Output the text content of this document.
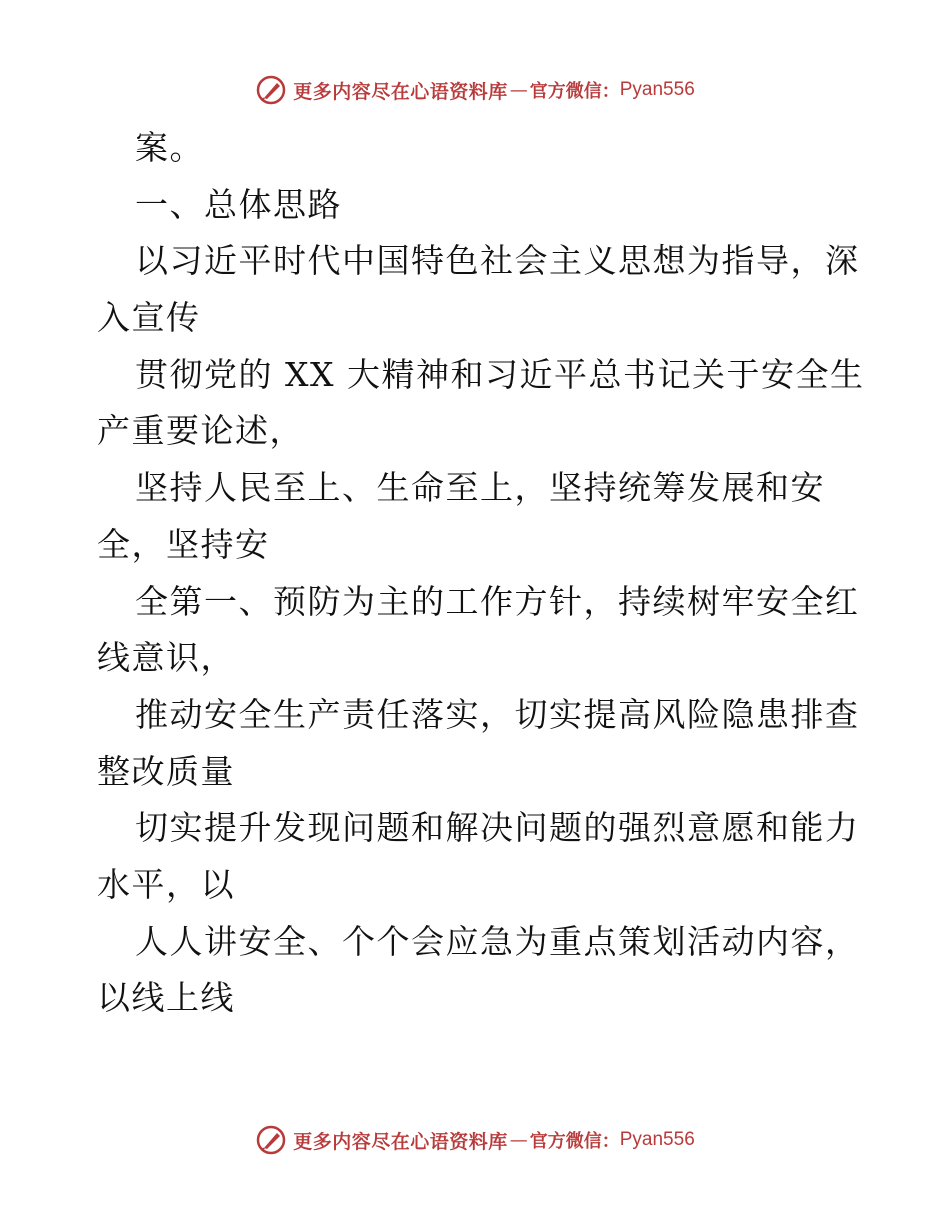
更多内容尽在心语资料库 — 官方微信： Pyan556
案。
一、总体思路
以习近平时代中国特色社会主义思想为指导，深
入宣传
贯彻党的 XX 大精神和习近平总书记关于安全生
产重要论述，
坚持人民至上、生命至上，坚持统筹发展和安
全，坚持安
全第一、预防为主的工作方针，持续树牢安全红
线意识，
推动安全生产责任落实，切实提高风险隐患排查
整改质量
切实提升发现问题和解决问题的强烈意愿和能力
水平，以
人人讲安全、个个会应急为重点策划活动内容，
以线上线
更多内容尽在心语资料库 — 官方微信： Pyan556
